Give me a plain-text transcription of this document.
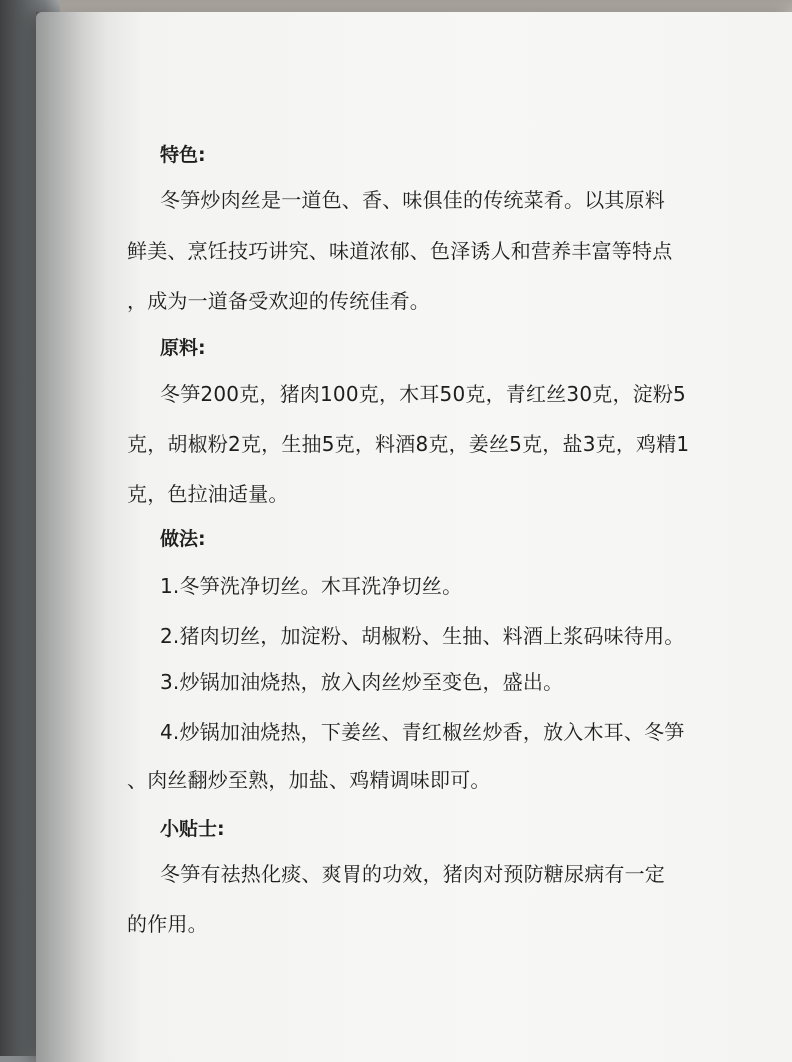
特色:
冬笋炒肉丝是一道色、香、味俱佳的传统菜肴。以其原料
鲜美、烹饪技巧讲究、味道浓郁、色泽诱人和营养丰富等特点
，成为一道备受欢迎的传统佳肴。
原料:
冬笋200克，猪肉100克，木耳50克，青红丝30克，淀粉5
克，胡椒粉2克，生抽5克，料酒8克，姜丝5克，盐3克，鸡精1
克，色拉油适量。
做法:
1.冬笋洗净切丝。木耳洗净切丝。
2.猪肉切丝，加淀粉、胡椒粉、生抽、料酒上浆码味待用。
3.炒锅加油烧热，放入肉丝炒至变色，盛出。
4.炒锅加油烧热，下姜丝、青红椒丝炒香，放入木耳、冬笋
、肉丝翻炒至熟，加盐、鸡精调味即可。
小贴士:
冬笋有祛热化痰、爽胃的功效，猪肉对预防糖尿病有一定
的作用。
